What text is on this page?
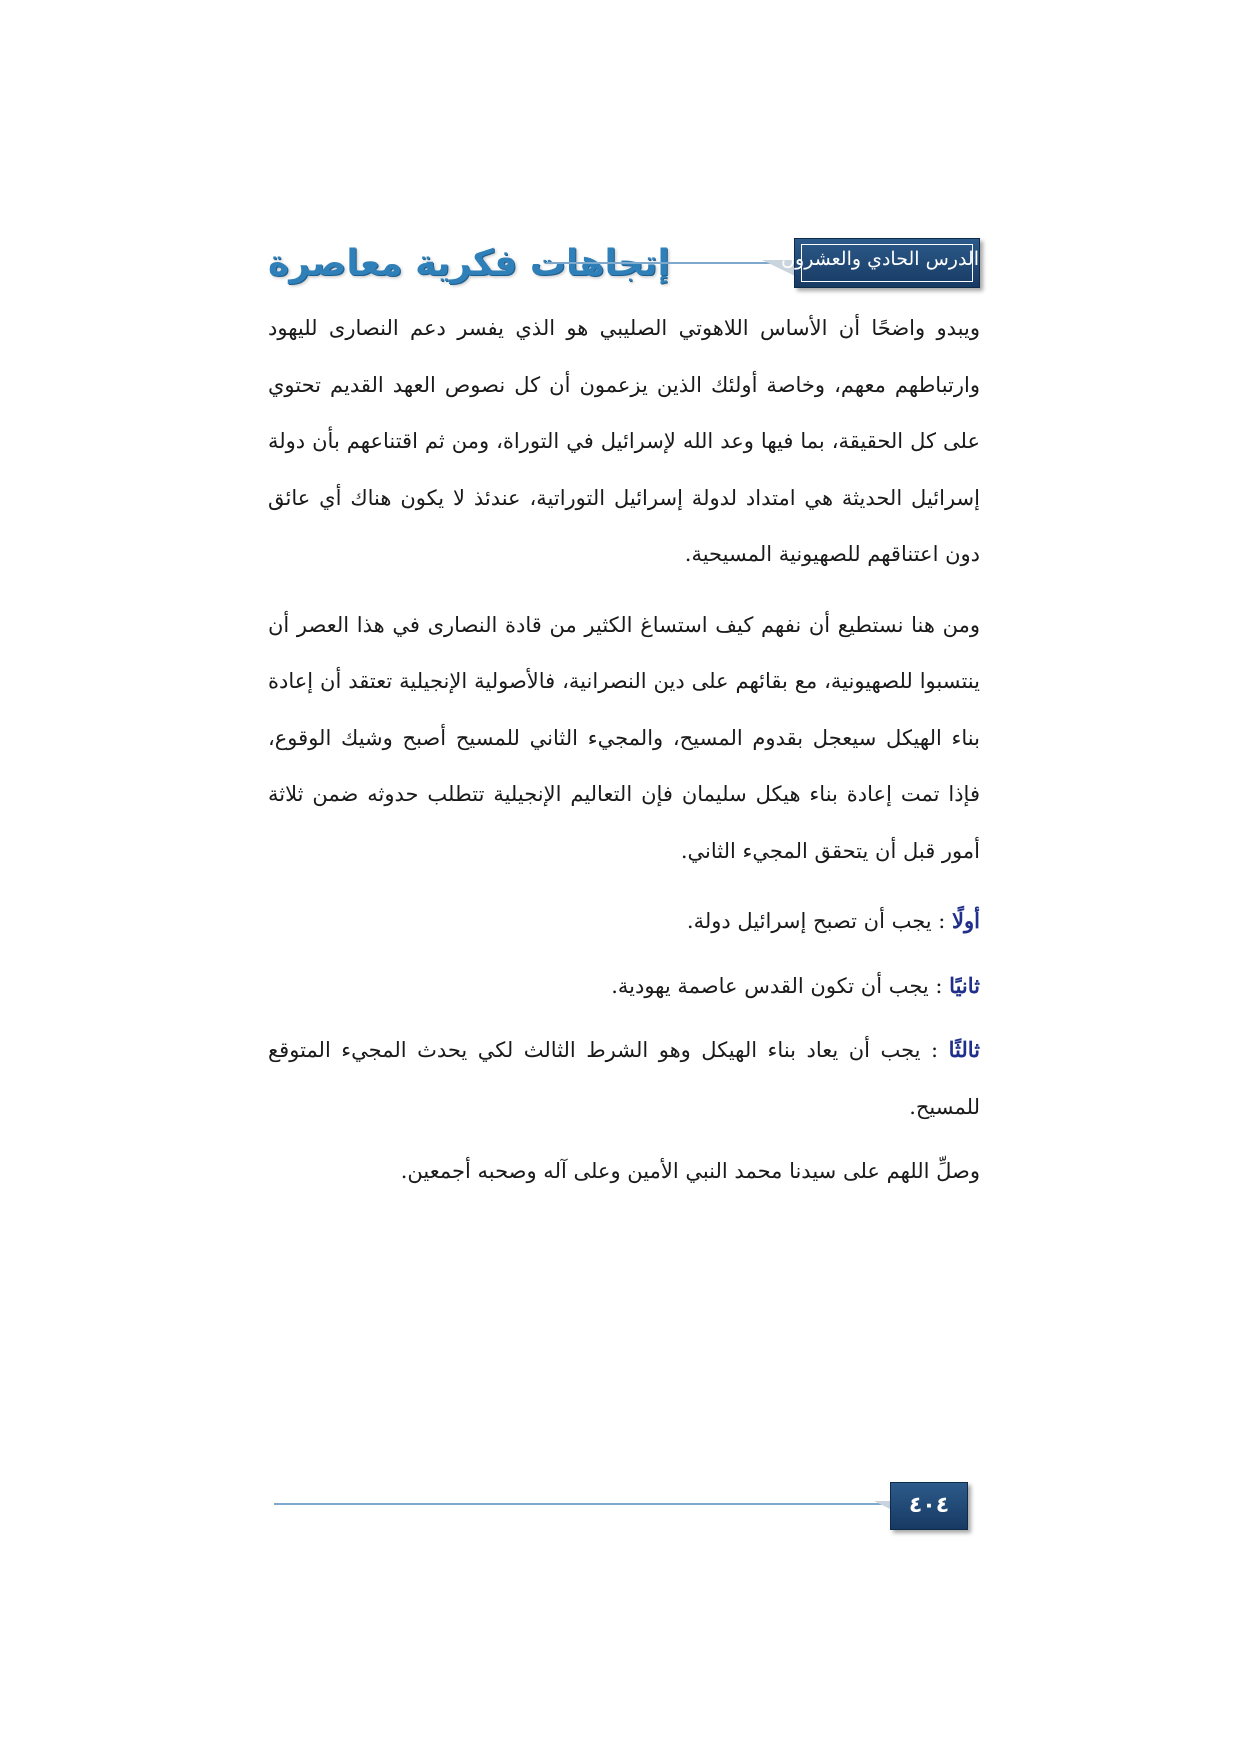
إتجاهات فكرية معاصرة	الدرس الحادي والعشرون

ويبدو واضحًا أن الأساس اللاهوتي الصليبي هو الذي يفسر دعم النصارى لليهود وارتباطهم معهم، وخاصة أولئك الذين يزعمون أن كل نصوص العهد القديم تحتوي على كل الحقيقة، بما فيها وعد الله لإسرائيل في التوراة، ومن ثم اقتناعهم بأن دولة إسرائيل الحديثة هي امتداد لدولة إسرائيل التوراتية، عندئذ لا يكون هناك أي عائق دون اعتناقهم للصهيونية المسيحية.

ومن هنا نستطيع أن نفهم كيف استساغ الكثير من قادة النصارى في هذا العصر أن ينتسبوا للصهيونية، مع بقائهم على دين النصرانية، فالأصولية الإنجيلية تعتقد أن إعادة بناء الهيكل سيعجل بقدوم المسيح، والمجيء الثاني للمسيح أصبح وشيك الوقوع، فإذا تمت إعادة بناء هيكل سليمان فإن التعاليم الإنجيلية تتطلب حدوثه ضمن ثلاثة أمور قبل أن يتحقق المجيء الثاني.

أولًا : يجب أن تصبح إسرائيل دولة.

ثانيًا : يجب أن تكون القدس عاصمة يهودية.

ثالثًا : يجب أن يعاد بناء الهيكل وهو الشرط الثالث لكي يحدث المجيء المتوقع للمسيح.

وصلِّ اللهم على سيدنا محمد النبي الأمين وعلى آله وصحبه أجمعين.

٤٠٤
